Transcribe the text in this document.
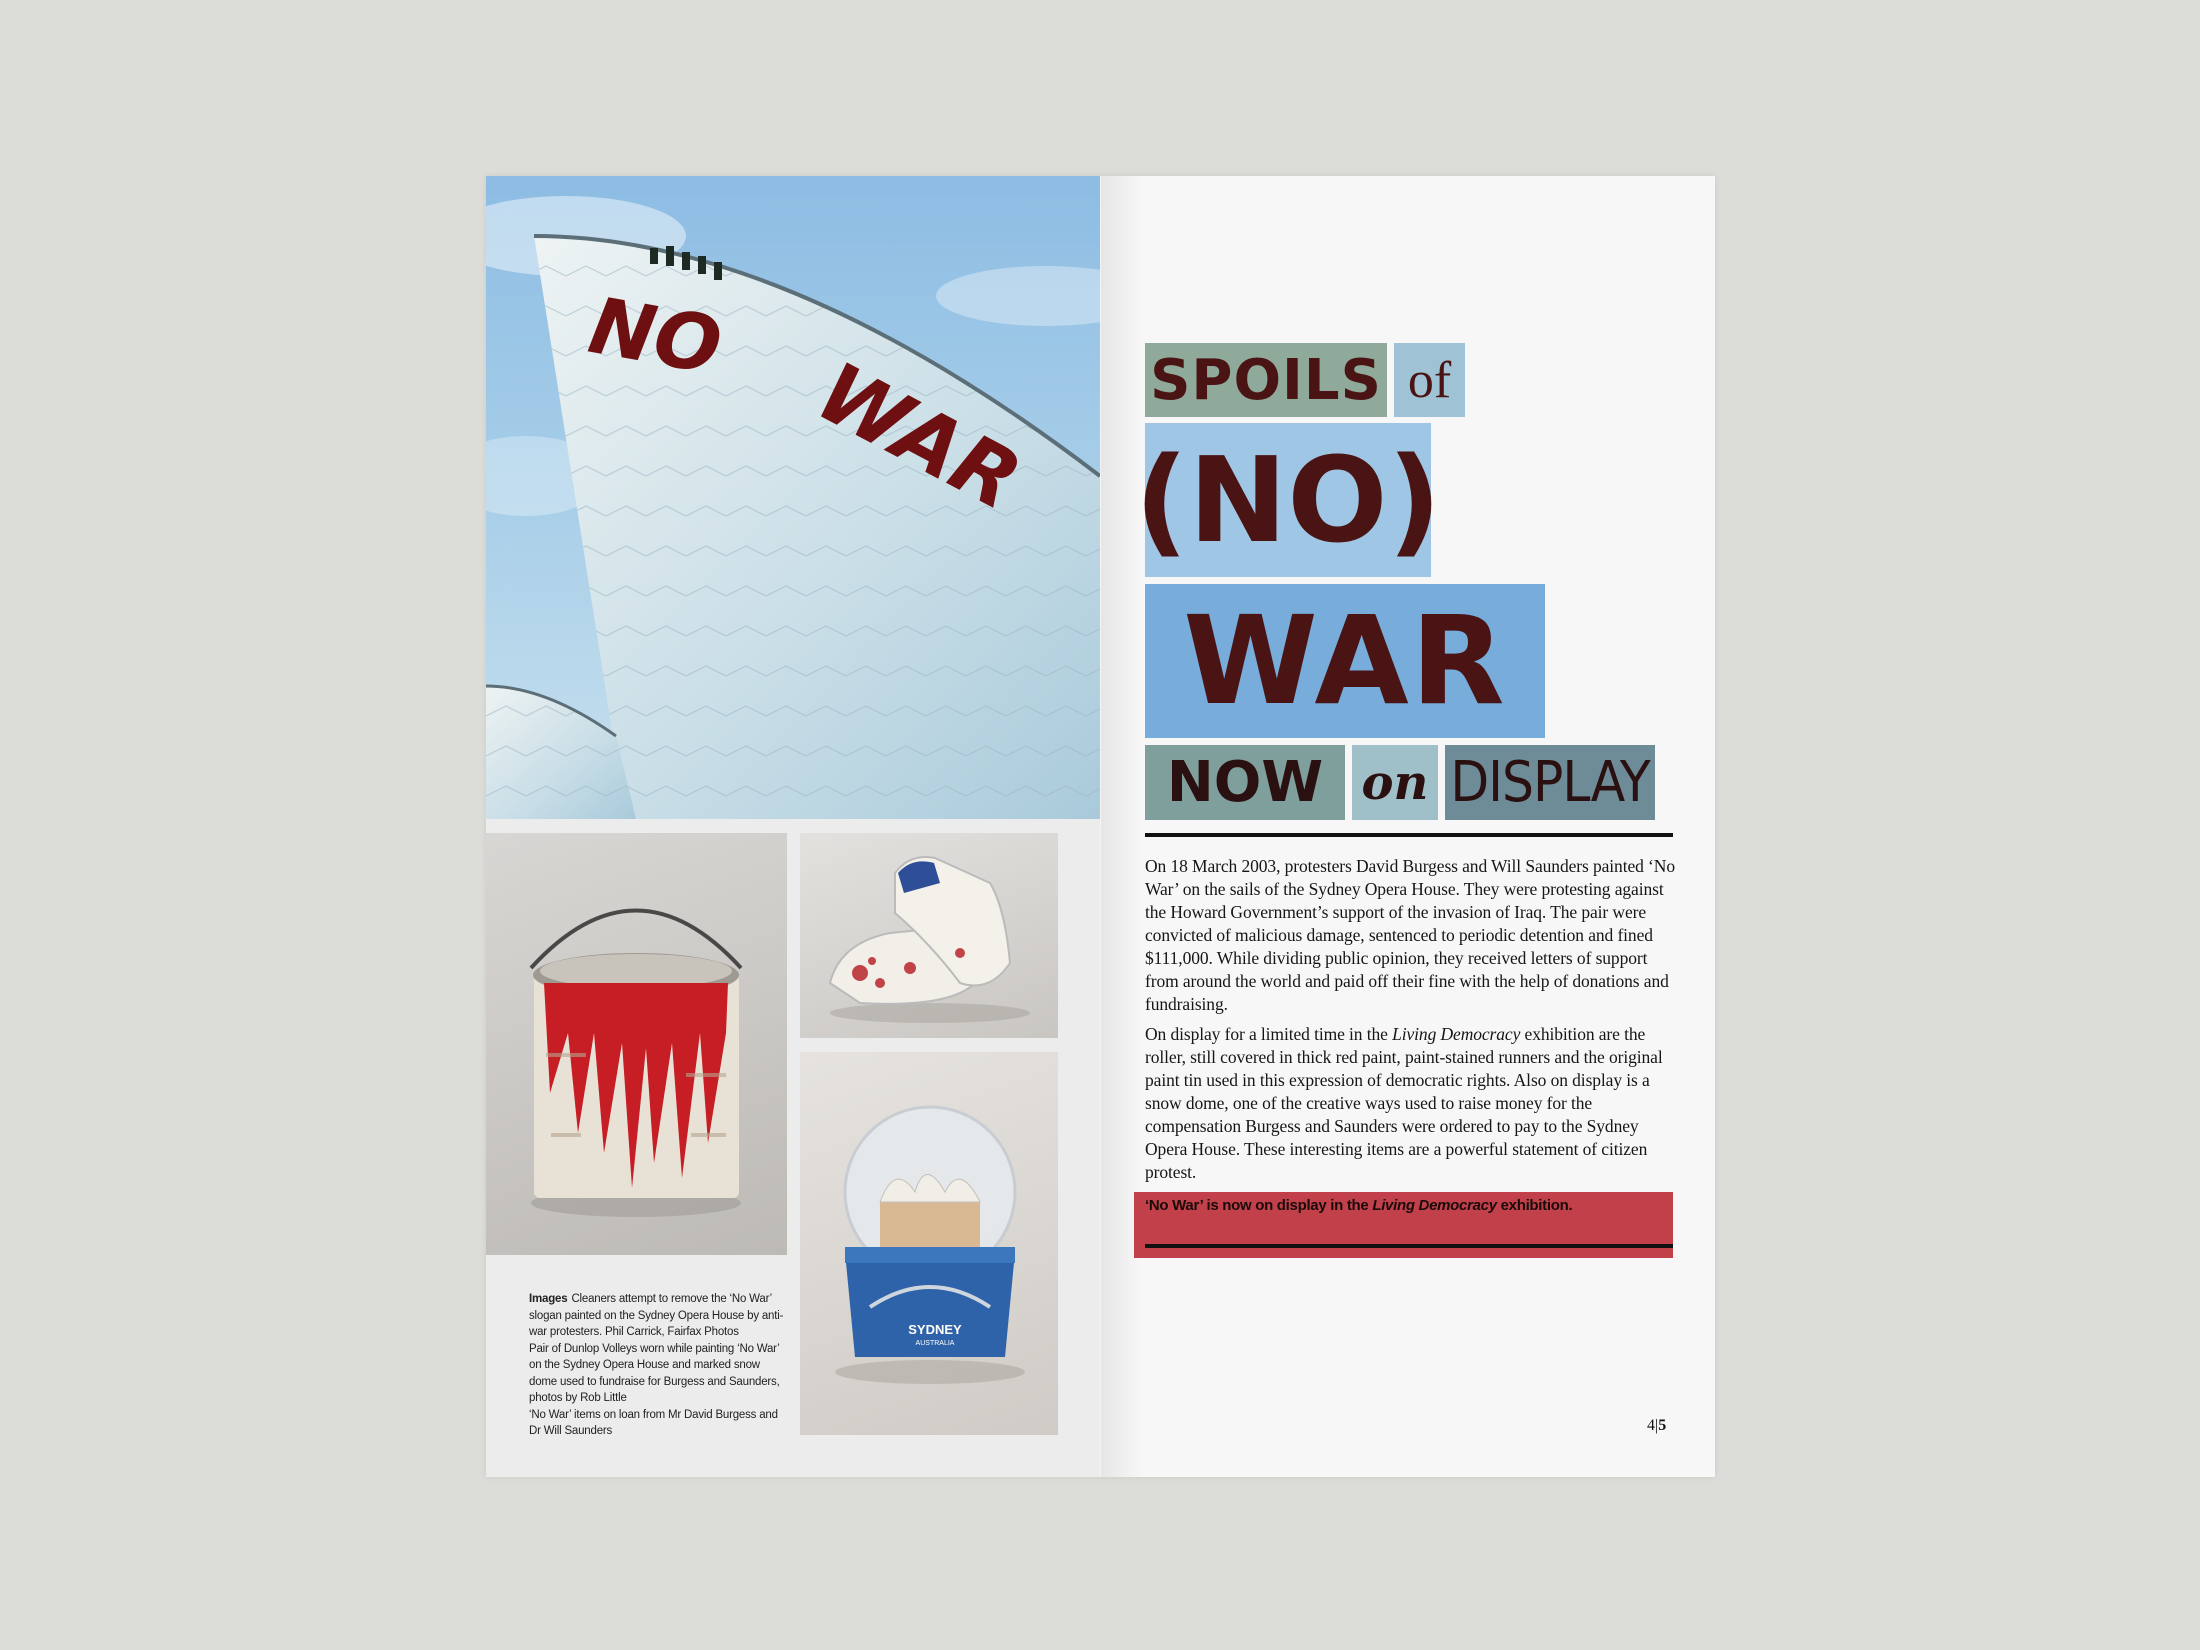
NO
WAR
SYDNEY
AUSTRALIA
Images Cleaners attempt to remove the ‘No War’ slogan painted on the Sydney Opera House by anti-war protesters. Phil Carrick, Fairfax Photos
Pair of Dunlop Volleys worn while painting ‘No War’ on the Sydney Opera House and marked snow dome used to fundraise for Burgess and Saunders, photos by Rob Little
‘No War’ items on loan from Mr David Burgess and Dr Will Saunders
SPOILS of
(NO)
WAR
NOW on DISPLAY

On 18 March 2003, protesters David Burgess and Will Saunders painted ‘No War’ on the sails of the Sydney Opera House. They were protesting against the Howard Government’s support of the invasion of Iraq. The pair were convicted of malicious damage, sentenced to periodic detention and fined $111,000. While dividing public opinion, they received letters of support from around the world and paid off their fine with the help of donations and fundraising.

On display for a limited time in the Living Democracy exhibition are the roller, still covered in thick red paint, paint-stained runners and the original paint tin used in this expression of democratic rights. Also on display is a snow dome, one of the creative ways used to raise money for the compensation Burgess and Saunders were ordered to pay to the Sydney Opera House. These interesting items are a powerful statement of citizen protest.

‘No War’ is now on display in the Living Democracy exhibition.
4|5
